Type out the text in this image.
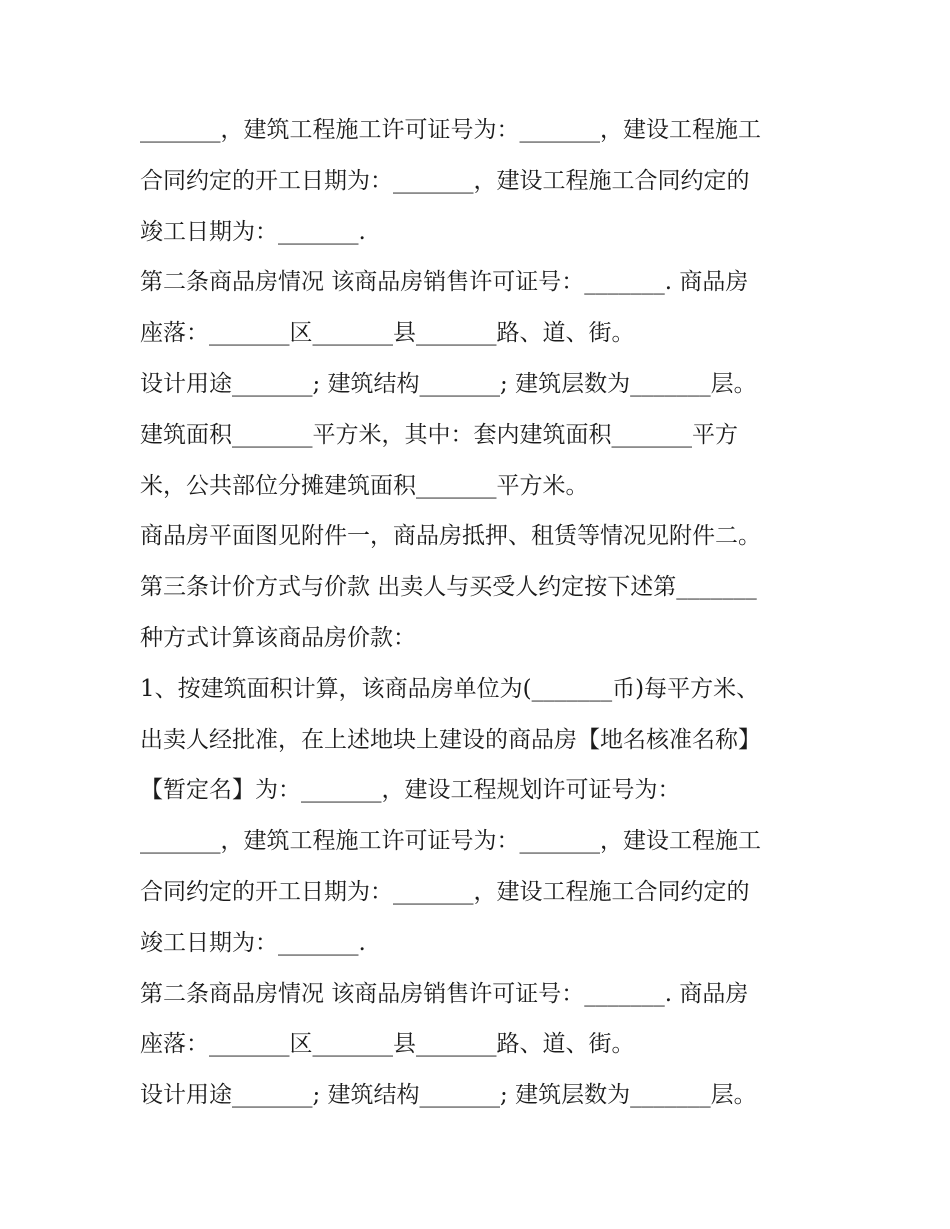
_______，建筑工程施工许可证号为：_______，建设工程施工
合同约定的开工日期为：_______，建设工程施工合同约定的
竣工日期为：_______.
第二条商品房情况 该商品房销售许可证号：_______. 商品房
座落：_______区_______县_______路、道、街。
设计用途_______; 建筑结构_______; 建筑层数为_______层。
建筑面积_______平方米，其中：套内建筑面积_______平方
米，公共部位分摊建筑面积_______平方米。
商品房平面图见附件一，商品房抵押、租赁等情况见附件二。
第三条计价方式与价款 出卖人与买受人约定按下述第_______
种方式计算该商品房价款：
1、按建筑面积计算，该商品房单位为(_______币)每平方米、
出卖人经批准，在上述地块上建设的商品房【地名核准名称】
【暂定名】为：_______，建设工程规划许可证号为：
_______，建筑工程施工许可证号为：_______，建设工程施工
合同约定的开工日期为：_______，建设工程施工合同约定的
竣工日期为：_______.
第二条商品房情况 该商品房销售许可证号：_______. 商品房
座落：_______区_______县_______路、道、街。
设计用途_______; 建筑结构_______; 建筑层数为_______层。
